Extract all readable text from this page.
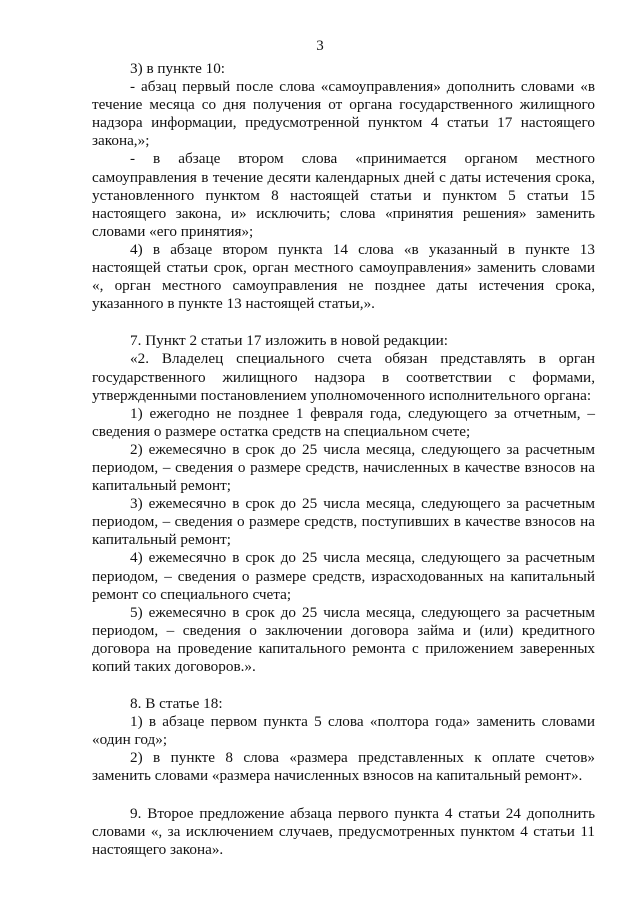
3

3) в пункте 10:

- абзац первый после слова «самоуправления» дополнить словами «в течение месяца со дня получения от органа государственного жилищного надзора информации, предусмотренной пунктом 4 статьи 17 настоящего закона,»;

- в абзаце втором слова «принимается органом местного самоуправления в течение десяти календарных дней с даты истечения срока, установленного пунктом 8 настоящей статьи и пунктом 5 статьи 15 настоящего закона, и» исключить; слова «принятия решения» заменить словами «его принятия»;

4) в абзаце втором пункта 14 слова «в указанный в пункте 13 настоящей статьи срок, орган местного самоуправления» заменить словами «, орган местного самоуправления не позднее даты истечения срока, указанного в пункте 13 настоящей статьи,».

7. Пункт 2 статьи 17 изложить в новой редакции:

«2. Владелец специального счета обязан представлять в орган государственного жилищного надзора в соответствии с формами, утвержденными постановлением уполномоченного исполнительного органа:

1) ежегодно не позднее 1 февраля года, следующего за отчетным, – сведения о размере остатка средств на специальном счете;

2) ежемесячно в срок до 25 числа месяца, следующего за расчетным периодом, – сведения о размере средств, начисленных в качестве взносов на капитальный ремонт;

3) ежемесячно в срок до 25 числа месяца, следующего за расчетным периодом, – сведения о размере средств, поступивших в качестве взносов на капитальный ремонт;

4) ежемесячно в срок до 25 числа месяца, следующего за расчетным периодом, – сведения о размере средств, израсходованных на капитальный ремонт со специального счета;

5) ежемесячно в срок до 25 числа месяца, следующего за расчетным периодом, – сведения о заключении договора займа и (или) кредитного договора на проведение капитального ремонта с приложением заверенных копий таких договоров.».

8. В статье 18:

1) в абзаце первом пункта 5 слова «полтора года» заменить словами «один год»;

2) в пункте 8 слова «размера представленных к оплате счетов» заменить словами «размера начисленных взносов на капитальный ремонт».

9. Второе предложение абзаца первого пункта 4 статьи 24 дополнить словами «, за исключением случаев, предусмотренных пунктом 4 статьи 11 настоящего закона».
